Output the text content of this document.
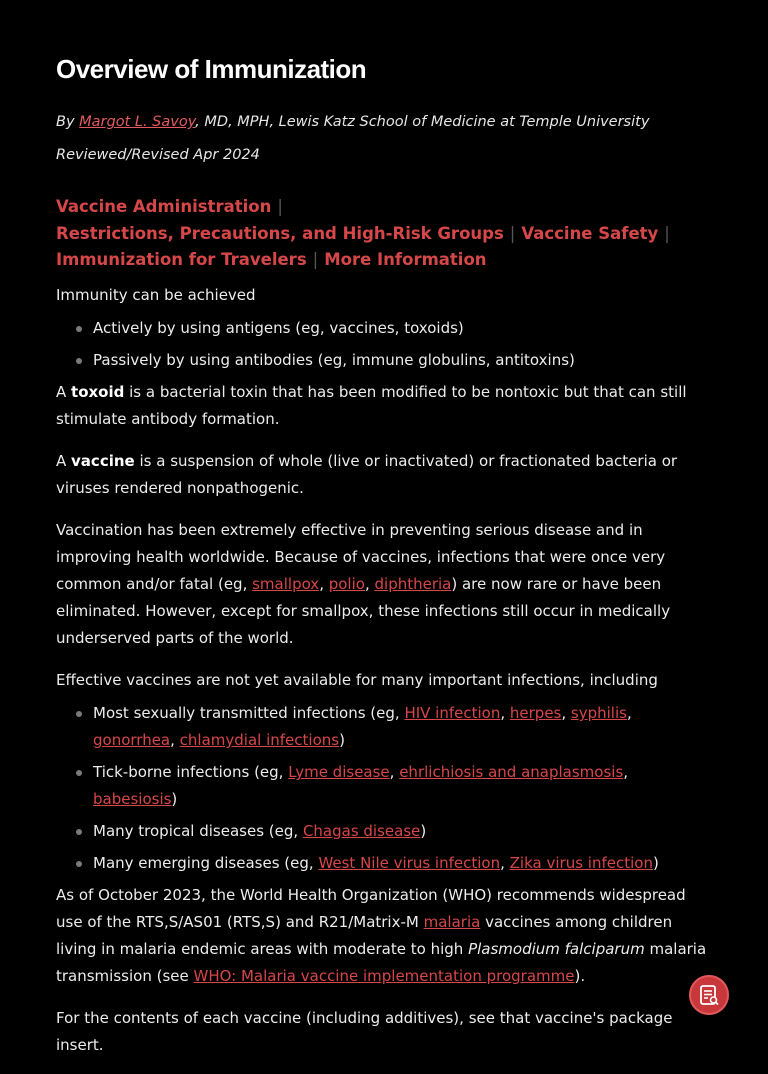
Overview of Immunization
By Margot L. Savoy, MD, MPH, Lewis Katz School of Medicine at Temple University
Reviewed/Revised Apr 2024
Vaccine Administration |
Restrictions, Precautions, and High-Risk Groups | Vaccine Safety |
Immunization for Travelers | More Information

Immunity can be achieved

Actively by using antigens (eg, vaccines, toxoids)
Passively by using antibodies (eg, immune globulins, antitoxins)

A toxoid is a bacterial toxin that has been modified to be nontoxic but that can still stimulate antibody formation.

A vaccine is a suspension of whole (live or inactivated) or fractionated bacteria or viruses rendered nonpathogenic.

Vaccination has been extremely effective in preventing serious disease and in improving health worldwide. Because of vaccines, infections that were once very common and/or fatal (eg, smallpox, polio, diphtheria) are now rare or have been eliminated. However, except for smallpox, these infections still occur in medically underserved parts of the world.

Effective vaccines are not yet available for many important infections, including

Most sexually transmitted infections (eg, HIV infection, herpes, syphilis, gonorrhea, chlamydial infections)
Tick-borne infections (eg, Lyme disease, ehrlichiosis and anaplasmosis, babesiosis)
Many tropical diseases (eg, Chagas disease)
Many emerging diseases (eg, West Nile virus infection, Zika virus infection)

As of October 2023, the World Health Organization (WHO) recommends widespread use of the RTS,S/AS01 (RTS,S) and R21/Matrix-M malaria vaccines among children living in malaria endemic areas with moderate to high Plasmodium falciparum malaria transmission (see WHO: Malaria vaccine implementation programme).

For the contents of each vaccine (including additives), see that vaccine's package insert.
